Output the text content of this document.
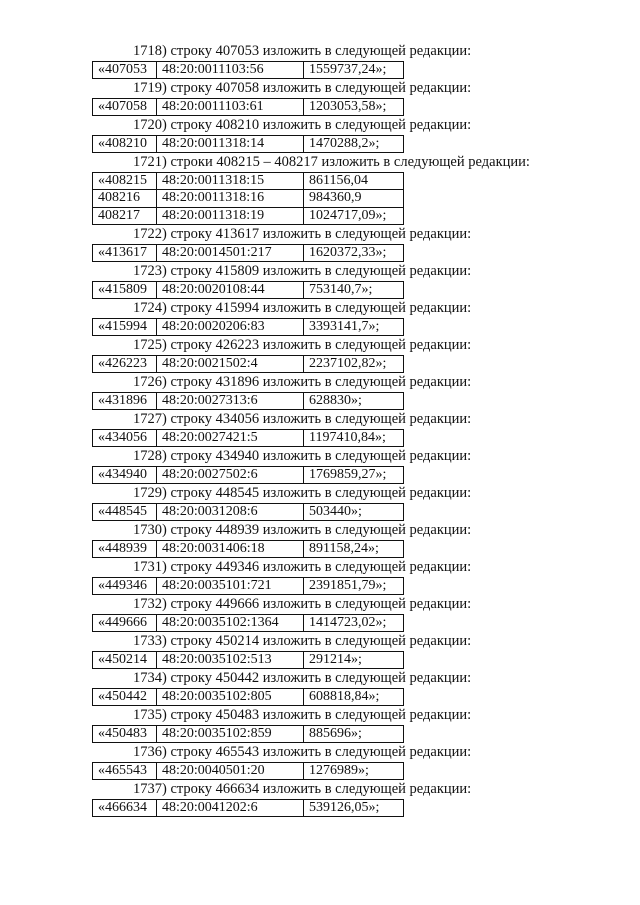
1718) строку 407053 изложить в следующей редакции:
«407053	48:20:0011103:56	1559737,24»;
1719) строку 407058 изложить в следующей редакции:
«407058	48:20:0011103:61	1203053,58»;
1720) строку 408210 изложить в следующей редакции:
«408210	48:20:0011318:14	1470288,2»;
1721) строки 408215 – 408217 изложить в следующей редакции:
«408215	48:20:0011318:15	861156,04
408216	48:20:0011318:16	984360,9
408217	48:20:0011318:19	1024717,09»;
1722) строку 413617 изложить в следующей редакции:
«413617	48:20:0014501:217	1620372,33»;
1723) строку 415809 изложить в следующей редакции:
«415809	48:20:0020108:44	753140,7»;
1724) строку 415994 изложить в следующей редакции:
«415994	48:20:0020206:83	3393141,7»;
1725) строку 426223 изложить в следующей редакции:
«426223	48:20:0021502:4	2237102,82»;
1726) строку 431896 изложить в следующей редакции:
«431896	48:20:0027313:6	628830»;
1727) строку 434056 изложить в следующей редакции:
«434056	48:20:0027421:5	1197410,84»;
1728) строку 434940 изложить в следующей редакции:
«434940	48:20:0027502:6	1769859,27»;
1729) строку 448545 изложить в следующей редакции:
«448545	48:20:0031208:6	503440»;
1730) строку 448939 изложить в следующей редакции:
«448939	48:20:0031406:18	891158,24»;
1731) строку 449346 изложить в следующей редакции:
«449346	48:20:0035101:721	2391851,79»;
1732) строку 449666 изложить в следующей редакции:
«449666	48:20:0035102:1364	1414723,02»;
1733) строку 450214 изложить в следующей редакции:
«450214	48:20:0035102:513	291214»;
1734) строку 450442 изложить в следующей редакции:
«450442	48:20:0035102:805	608818,84»;
1735) строку 450483 изложить в следующей редакции:
«450483	48:20:0035102:859	885696»;
1736) строку 465543 изложить в следующей редакции:
«465543	48:20:0040501:20	1276989»;
1737) строку 466634 изложить в следующей редакции:
«466634	48:20:0041202:6	539126,05»;
